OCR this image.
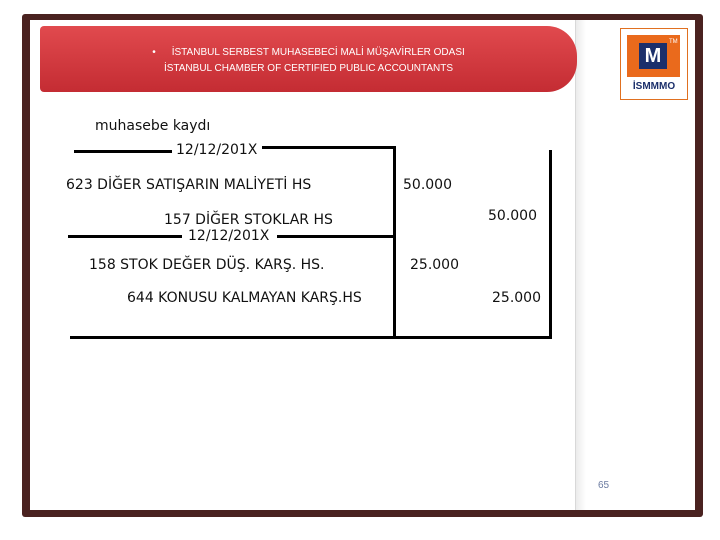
• İSTANBUL SERBEST MUHASEBECİ MALİ MÜŞAVİRLER ODASI
İSTANBUL CHAMBER OF CERTIFIED PUBLIC ACCOUNTANTS
M
TM
İSMMMO
muhasebe kaydı
12/12/201X
623 DİĞER SATIŞARIN MALİYETİ HS	50.000
157 DİĞER STOKLAR HS	50.000
12/12/201X
158 STOK DEĞER DÜŞ. KARŞ. HS.	25.000
644 KONUSU KALMAYAN KARŞ.HS	25.000
65
